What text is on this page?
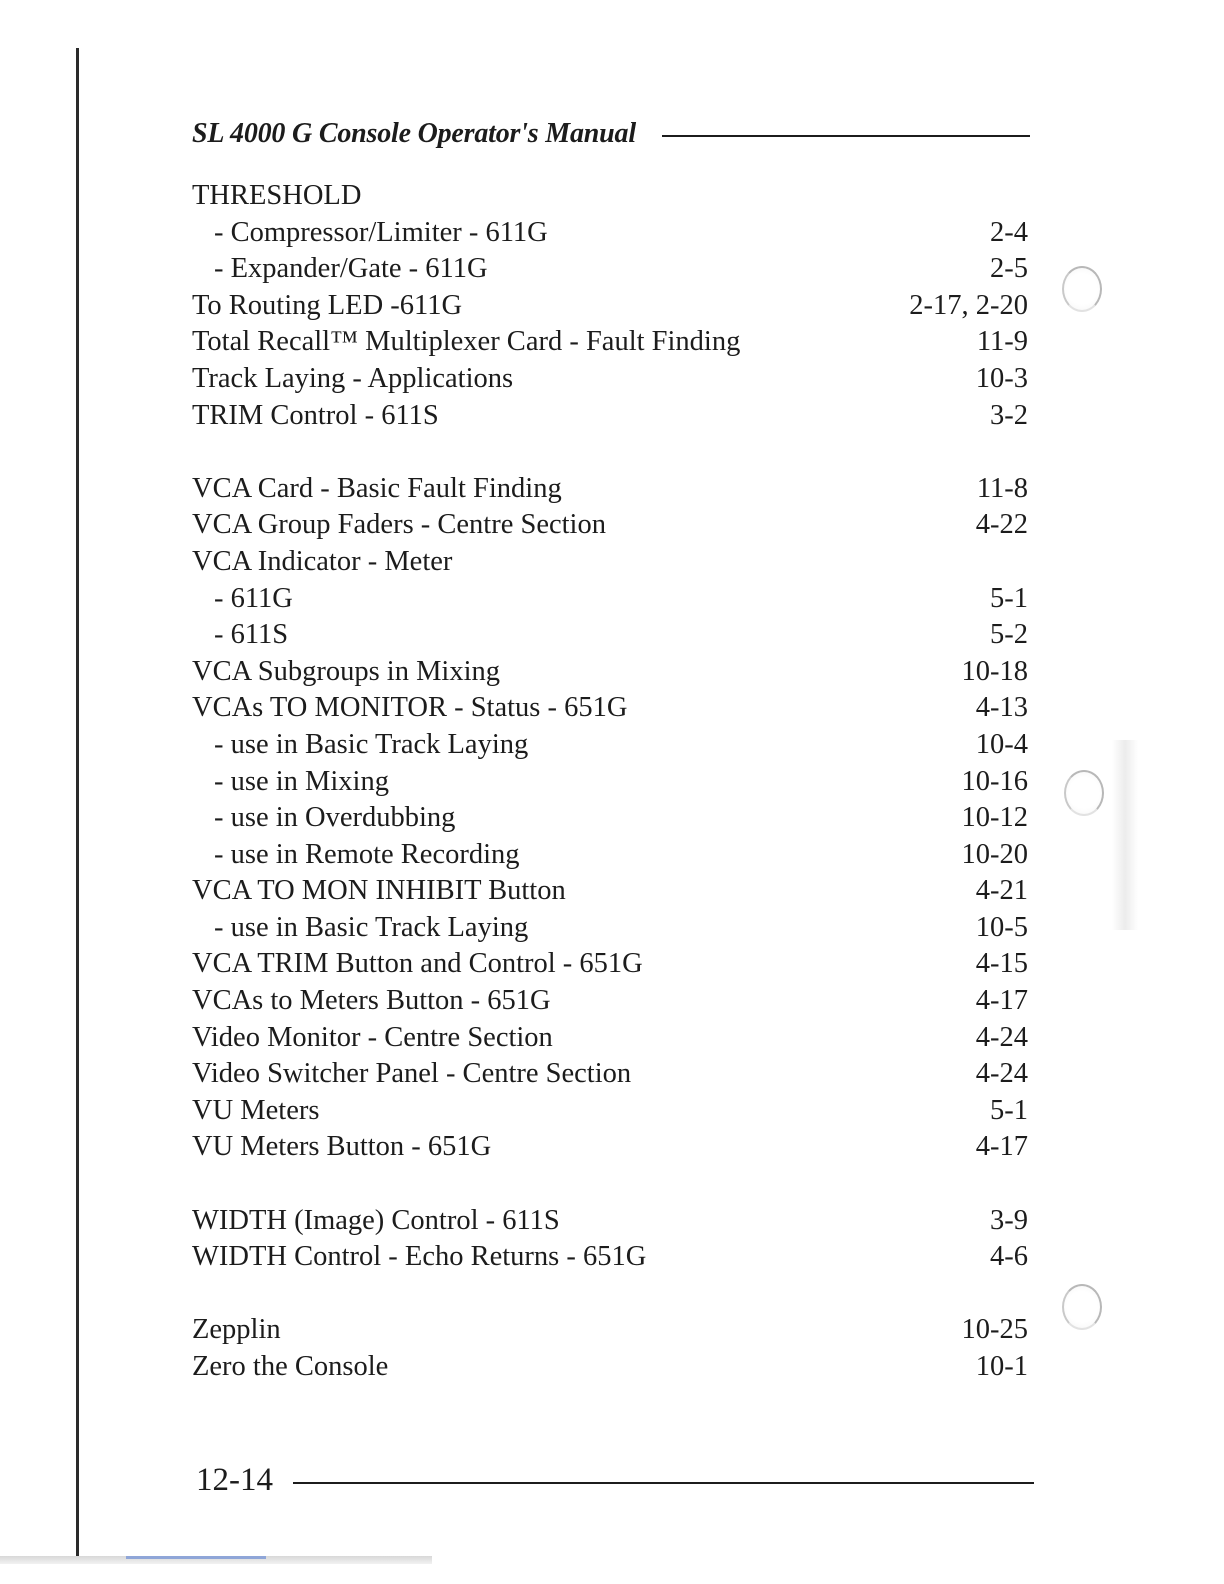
SL 4000 G Console Operator's Manual
THRESHOLD
- Compressor/Limiter - 611G	2-4
- Expander/Gate - 611G	2-5
To Routing LED -611G	2-17, 2-20
Total Recall™ Multiplexer Card - Fault Finding	11-9
Track Laying - Applications	10-3
TRIM Control - 611S	3-2
VCA Card - Basic Fault Finding	11-8
VCA Group Faders - Centre Section	4-22
VCA Indicator - Meter
- 611G	5-1
- 611S	5-2
VCA Subgroups in Mixing	10-18
VCAs TO MONITOR - Status - 651G	4-13
- use in Basic Track Laying	10-4
- use in Mixing	10-16
- use in Overdubbing	10-12
- use in Remote Recording	10-20
VCA TO MON INHIBIT Button	4-21
- use in Basic Track Laying	10-5
VCA TRIM Button and Control - 651G	4-15
VCAs to Meters Button - 651G	4-17
Video Monitor - Centre Section	4-24
Video Switcher Panel - Centre Section	4-24
VU Meters	5-1
VU Meters Button - 651G	4-17
WIDTH (Image) Control - 611S	3-9
WIDTH Control - Echo Returns - 651G	4-6
Zepplin	10-25
Zero the Console	10-1
12-14
